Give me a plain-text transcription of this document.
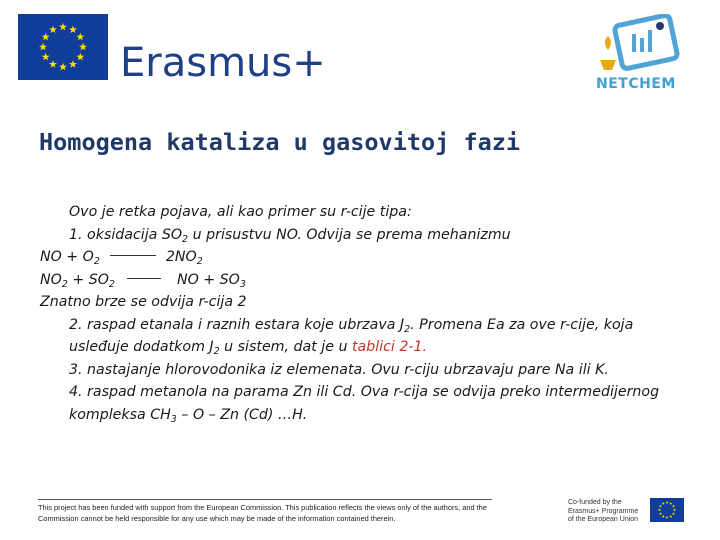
Erasmus+	NETCHEM
Homogena kataliza u gasovitoj fazi
Ovo je retka pojava, ali kao primer su r-cije tipa:
1. oksidacija $SO_2$ u prisustvu NO. Odvija se prema mehanizmu
NO + $O_2$	$2NO_2$
$NO_2 + SO_2$	NO + $SO_3$
Znatno brze se odvija r-cija 2
2. raspad etanala i raznih estara koje ubrzava $J_2$. Promena Ea za ove r-cije, koja usleđuje dodatkom $J_2$ u sistem, dat je u tablici 2-1.
3. nastajanje hlorovodonika iz elemenata. Ovu r-ciju ubrzavaju pare Na ili K.
4. raspad metanola na parama Zn ili Cd. Ova r-cija se odvija preko intermedijernog kompleksa $CH_3$ – O – Zn (Cd) …H.
This project has been funded with support from the European Commission. This publication reflects the views only of the authors, and the Commission cannot be held responsible for any use which may be made of the information contained therein.
Co-funded by the
Erasmus+ Programme
of the European Union
